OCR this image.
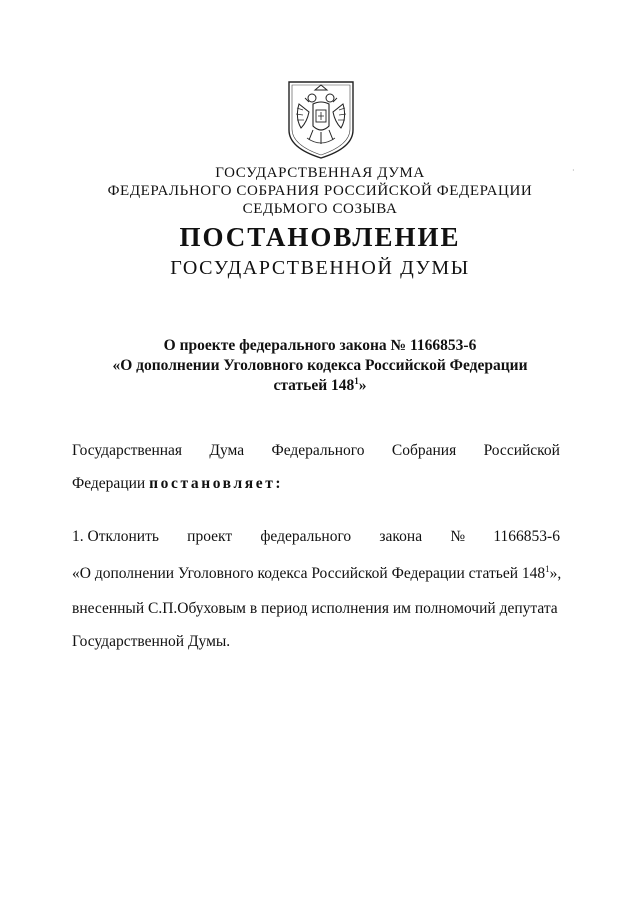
ГОСУДАРСТВЕННАЯ ДУМА
ФЕДЕРАЛЬНОГО СОБРАНИЯ РОССИЙСКОЙ ФЕДЕРАЦИИ
СЕДЬМОГО СОЗЫВА
ПОСТАНОВЛЕНИЕ
ГОСУДАРСТВЕННОЙ ДУМЫ
О проекте федерального закона № 1166853-6
«О дополнении Уголовного кодекса Российской Федерации
статьей $148^1$»
Государственная Дума Федерального Собрания Российской
Федерации постановляет:
1. Отклонить проект федерального закона № 1166853-6
«О дополнении Уголовного кодекса Российской Федерации статьей $148^1$»,
внесенный С.П.Обуховым в период исполнения им полномочий депутата
Государственной Думы.
·
